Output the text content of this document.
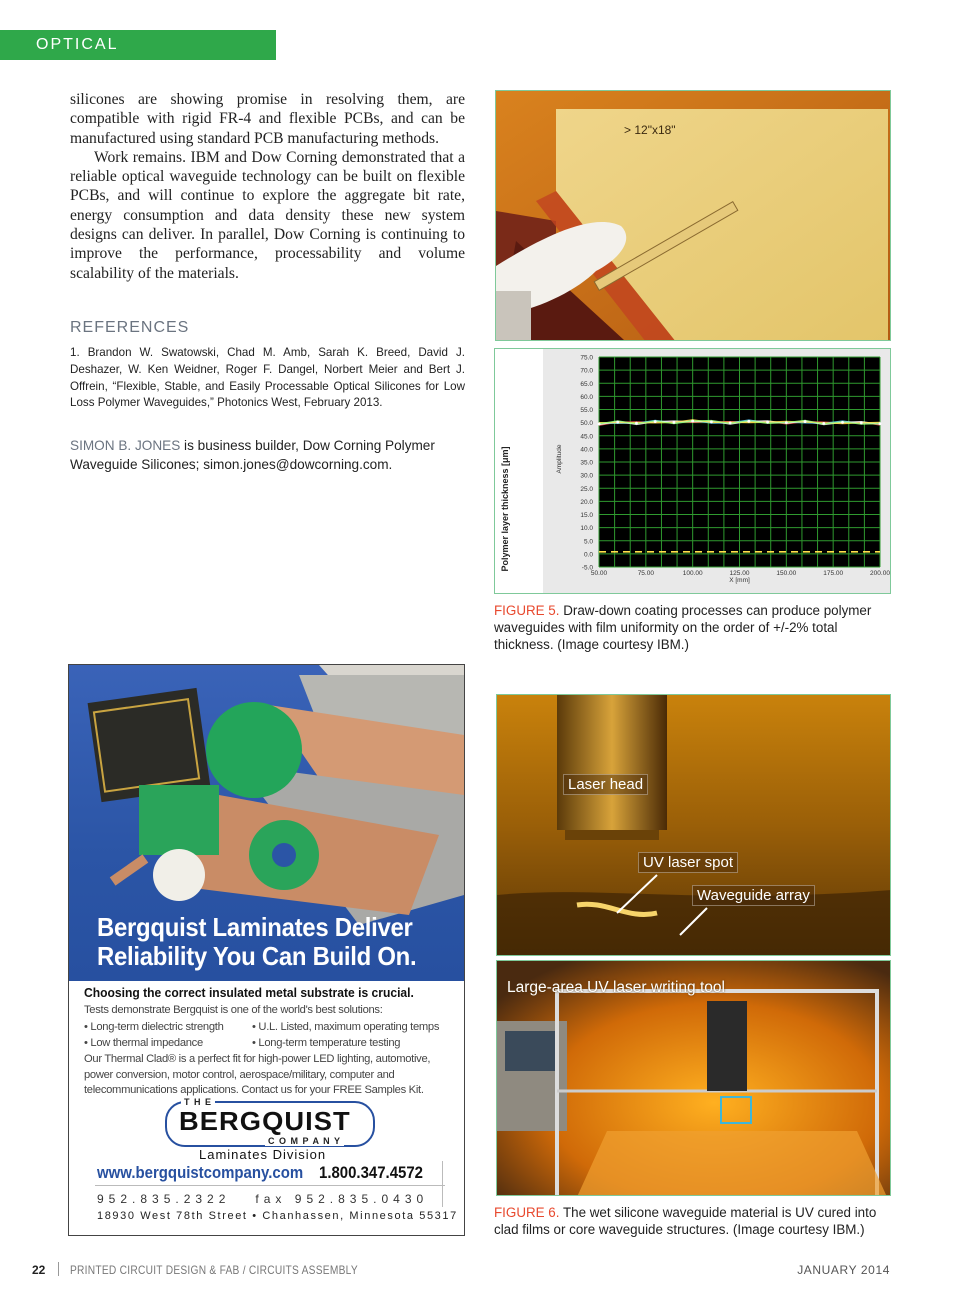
OPTICAL INTERCONNECTS

silicones are showing promise in resolving them, are compatible with rigid FR-4 and flexible PCBs, and can be manufactured using standard PCB manufacturing methods.

Work remains. IBM and Dow Corning demonstrated that a reliable optical waveguide technology can be built on flexible PCBs, and will continue to explore the aggregate bit rate, energy consumption and data density these new system designs can deliver. In parallel, Dow Corning is continuing to improve the performance, processability and volume scalability of the materials.

REFERENCES
1. Brandon W. Swatowski, Chad M. Amb, Sarah K. Breed, David J. Deshazer, W. Ken Weidner, Roger F. Dangel, Norbert Meier and Bert J. Offrein, “Flexible, Stable, and Easily Processable Optical Silicones for Low Loss Polymer Waveguides,” Photonics West, February 2013.
SIMON B. JONES is business builder, Dow Corning Polymer Waveguide Silicones; simon.jones@dowcorning.com.
> 12"x18"
75.0
70.0
65.0
60.0
55.0
50.0
45.0
40.0
35.0
30.0
25.0
20.0
15.0
10.0
5.0
0.0
-5.0
50.00	75.00	100.00	125.00	150.00	175.00	200.00
X [mm]
Amplitude
Polymer layer thickness [μm]
FIGURE 5. Draw-down coating processes can produce polymer waveguides with film uniformity on the order of +/-2% total thickness. (Image courtesy IBM.)
Laser head
UV laser spot
Waveguide array
Large-area UV laser writing tool
FIGURE 6. The wet silicone waveguide material is UV cured into clad films or core waveguide structures. (Image courtesy IBM.)
Bergquist Laminates Deliver
Reliability You Can Build On.
Choosing the correct insulated metal substrate is crucial.
Tests demonstrate Bergquist is one of the world's best solutions:
• Long-term dielectric strength	• U.L. Listed, maximum operating temps
• Low thermal impedance	• Long-term temperature testing
Our Thermal Clad® is a perfect fit for high-power LED lighting, automotive, power conversion, motor control, aerospace/military, computer and telecommunications applications. Contact us for your FREE Samples Kit.
T H E
BERGQUIST
C O M P A N Y
Laminates Division
www.bergquistcompany.com 1.800.347.4572
952.835.2322 fax 952.835.0430
18930 West 78th Street • Chanhassen, Minnesota 55317
22 PRINTED CIRCUIT DESIGN & FAB / CIRCUITS ASSEMBLY	JANUARY 2014
